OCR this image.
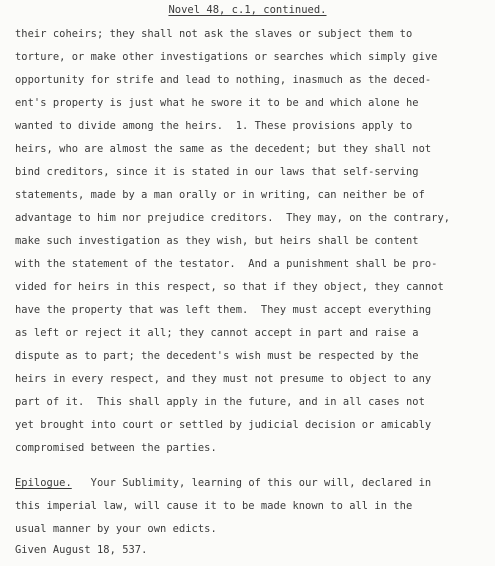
Novel 48, c.1, continued.
their coheirs; they shall not ask the slaves or subject them to
torture, or make other investigations or searches which simply give
opportunity for strife and lead to nothing, inasmuch as the deced-
ent's property is just what he swore it to be and which alone he
wanted to divide among the heirs.  1. These provisions apply to
heirs, who are almost the same as the decedent; but they shall not
bind creditors, since it is stated in our laws that self-serving
statements, made by a man orally or in writing, can neither be of
advantage to him nor prejudice creditors.  They may, on the contrary,
make such investigation as they wish, but heirs shall be content
with the statement of the testator.  And a punishment shall be pro-
vided for heirs in this respect, so that if they object, they cannot
have the property that was left them.  They must accept everything
as left or reject it all; they cannot accept in part and raise a
dispute as to part; the decedent's wish must be respected by the
heirs in every respect, and they must not presume to object to any
part of it.  This shall apply in the future, and in all cases not
yet brought into court or settled by judicial decision or amicably
compromised between the parties.
Epilogue.   Your Sublimity, learning of this our will, declared in
this imperial law, will cause it to be made known to all in the
usual manner by your own edicts.
Given August 18, 537.
